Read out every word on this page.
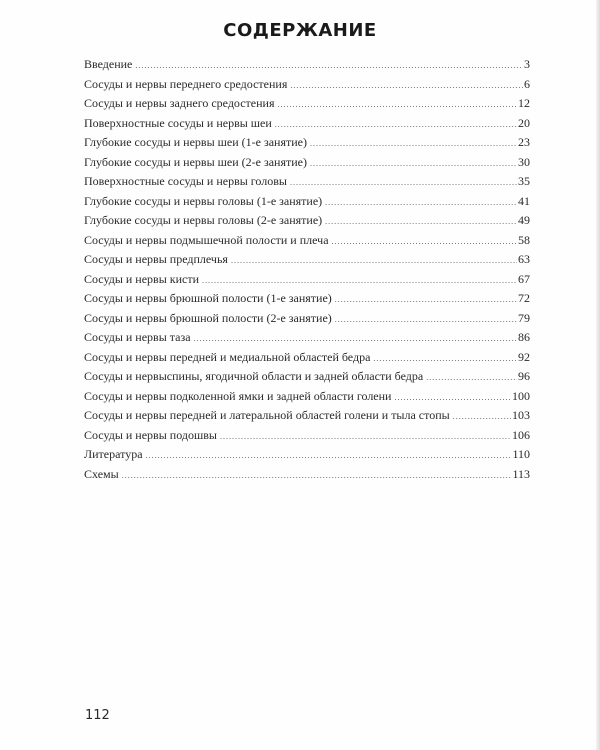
СОДЕРЖАНИЕ
Введение .....	3
Сосуды и нервы переднего средостения .....	6
Сосуды и нервы заднего средостения .....	12
Поверхностные сосуды и нервы шеи .....	20
Глубокие сосуды и нервы шеи (1-е занятие) .....	23
Глубокие сосуды и нервы шеи (2-е занятие) .....	30
Поверхностные сосуды и нервы головы .....	35
Глубокие сосуды и нервы головы (1-е занятие) .....	41
Глубокие сосуды и нервы головы (2-е занятие) .....	49
Сосуды и нервы подмышечной полости и плеча .....	58
Сосуды и нервы предплечья .....	63
Сосуды и нервы кисти .....	67
Сосуды и нервы брюшной полости (1-е занятие) .....	72
Сосуды и нервы брюшной полости (2-е занятие) .....	79
Сосуды и нервы таза .....	86
Сосуды и нервы передней и медиальной областей бедра .....	92
Сосуды и нервыспины, ягодичной области и задней области бедра .....	96
Сосуды и нервы подколенной ямки и задней области голени .....	100
Сосуды и нервы передней и латеральной областей голени и тыла стопы .....	103
Сосуды и нервы подошвы .....	106
Литература .....	110
Схемы .....	113
112
